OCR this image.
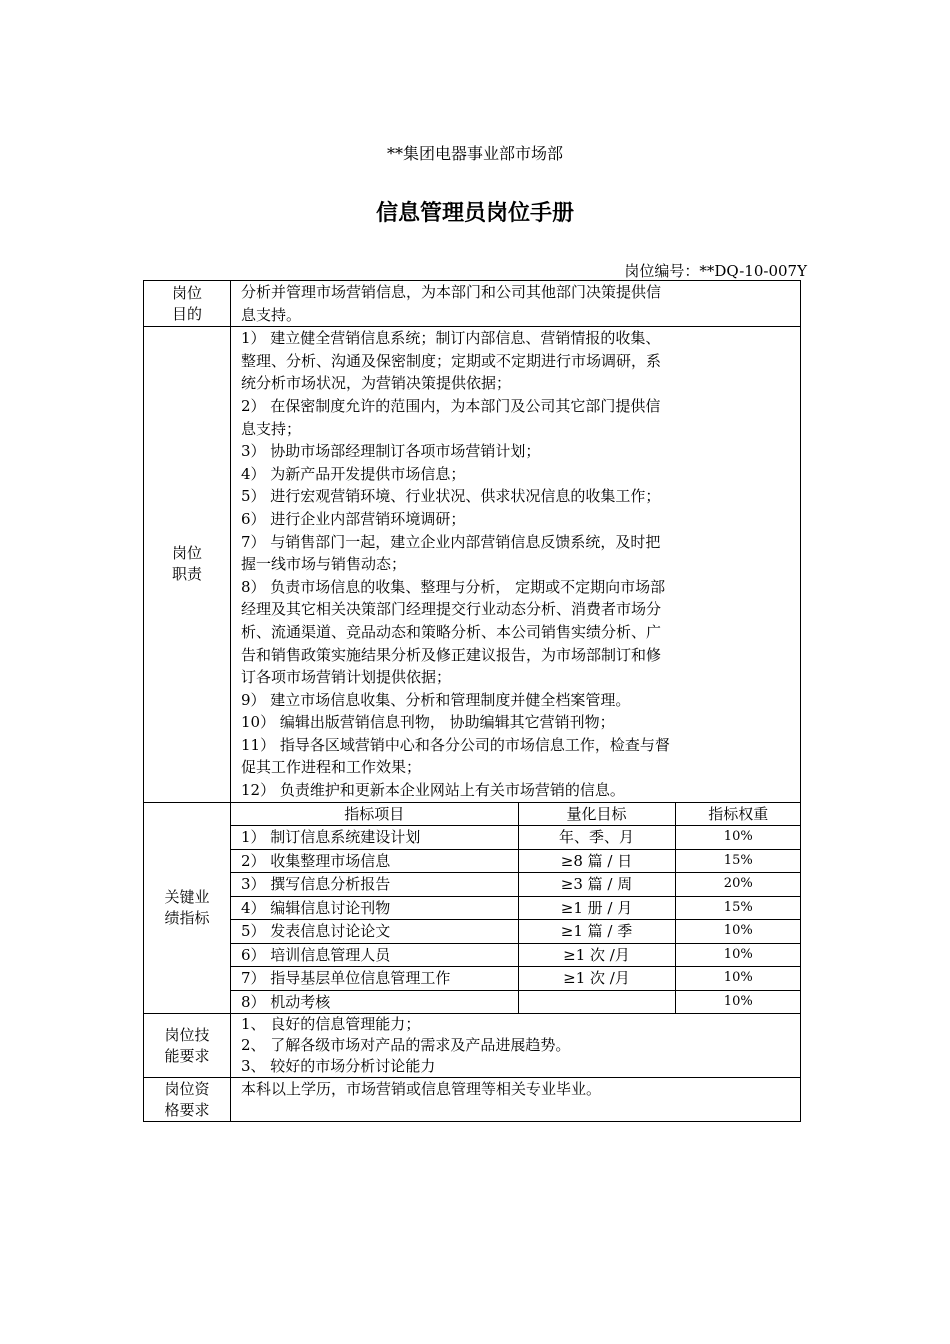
**集团电器事业部市场部
信息管理员岗位手册
岗位编号：**DQ-10-007Y
岗位
目的

分析并管理市场营销信息，为本部门和公司其他部门决策提供信
息支持。

岗位
职责

1） 建立健全营销信息系统；制订内部信息、营销情报的收集、
整理、分析、沟通及保密制度；定期或不定期进行市场调研，系
统分析市场状况，为营销决策提供依据；
2） 在保密制度允许的范围内，为本部门及公司其它部门提供信
息支持；
3） 协助市场部经理制订各项市场营销计划；
4） 为新产品开发提供市场信息；
5） 进行宏观营销环境、行业状况、供求状况信息的收集工作；
6） 进行企业内部营销环境调研；
7） 与销售部门一起，建立企业内部营销信息反馈系统，及时把
握一线市场与销售动态；
8） 负责市场信息的收集、整理与分析， 定期或不定期向市场部
经理及其它相关决策部门经理提交行业动态分析、消费者市场分
析、流通渠道、竞品动态和策略分析、本公司销售实绩分析、广
告和销售政策实施结果分析及修正建议报告，为市场部制订和修
订各项市场营销计划提供依据；
9） 建立市场信息收集、分析和管理制度并健全档案管理。
10） 编辑出版营销信息刊物， 协助编辑其它营销刊物；
11） 指导各区域营销中心和各分公司的市场信息工作，检查与督
促其工作进程和工作效果；
12） 负责维护和更新本企业网站上有关市场营销的信息。

关键业
绩指标

指标项目	量化目标	指标权重
1） 制订信息系统建设计划	年、季、月	10%
2） 收集整理市场信息	≥8 篇 / 日	15%
3） 撰写信息分析报告	≥3 篇 / 周	20%
4） 编辑信息讨论刊物	≥1 册 / 月	15%
5） 发表信息讨论论文	≥1 篇 / 季	10%
6） 培训信息管理人员	≥1 次 /月	10%
7） 指导基层单位信息管理工作	≥1 次 /月	10%
8） 机动考核		10%

岗位技
能要求

1、 良好的信息管理能力；
2、 了解各级市场对产品的需求及产品进展趋势。
3、 较好的市场分析讨论能力

岗位资
格要求

本科以上学历，市场营销或信息管理等相关专业毕业。
